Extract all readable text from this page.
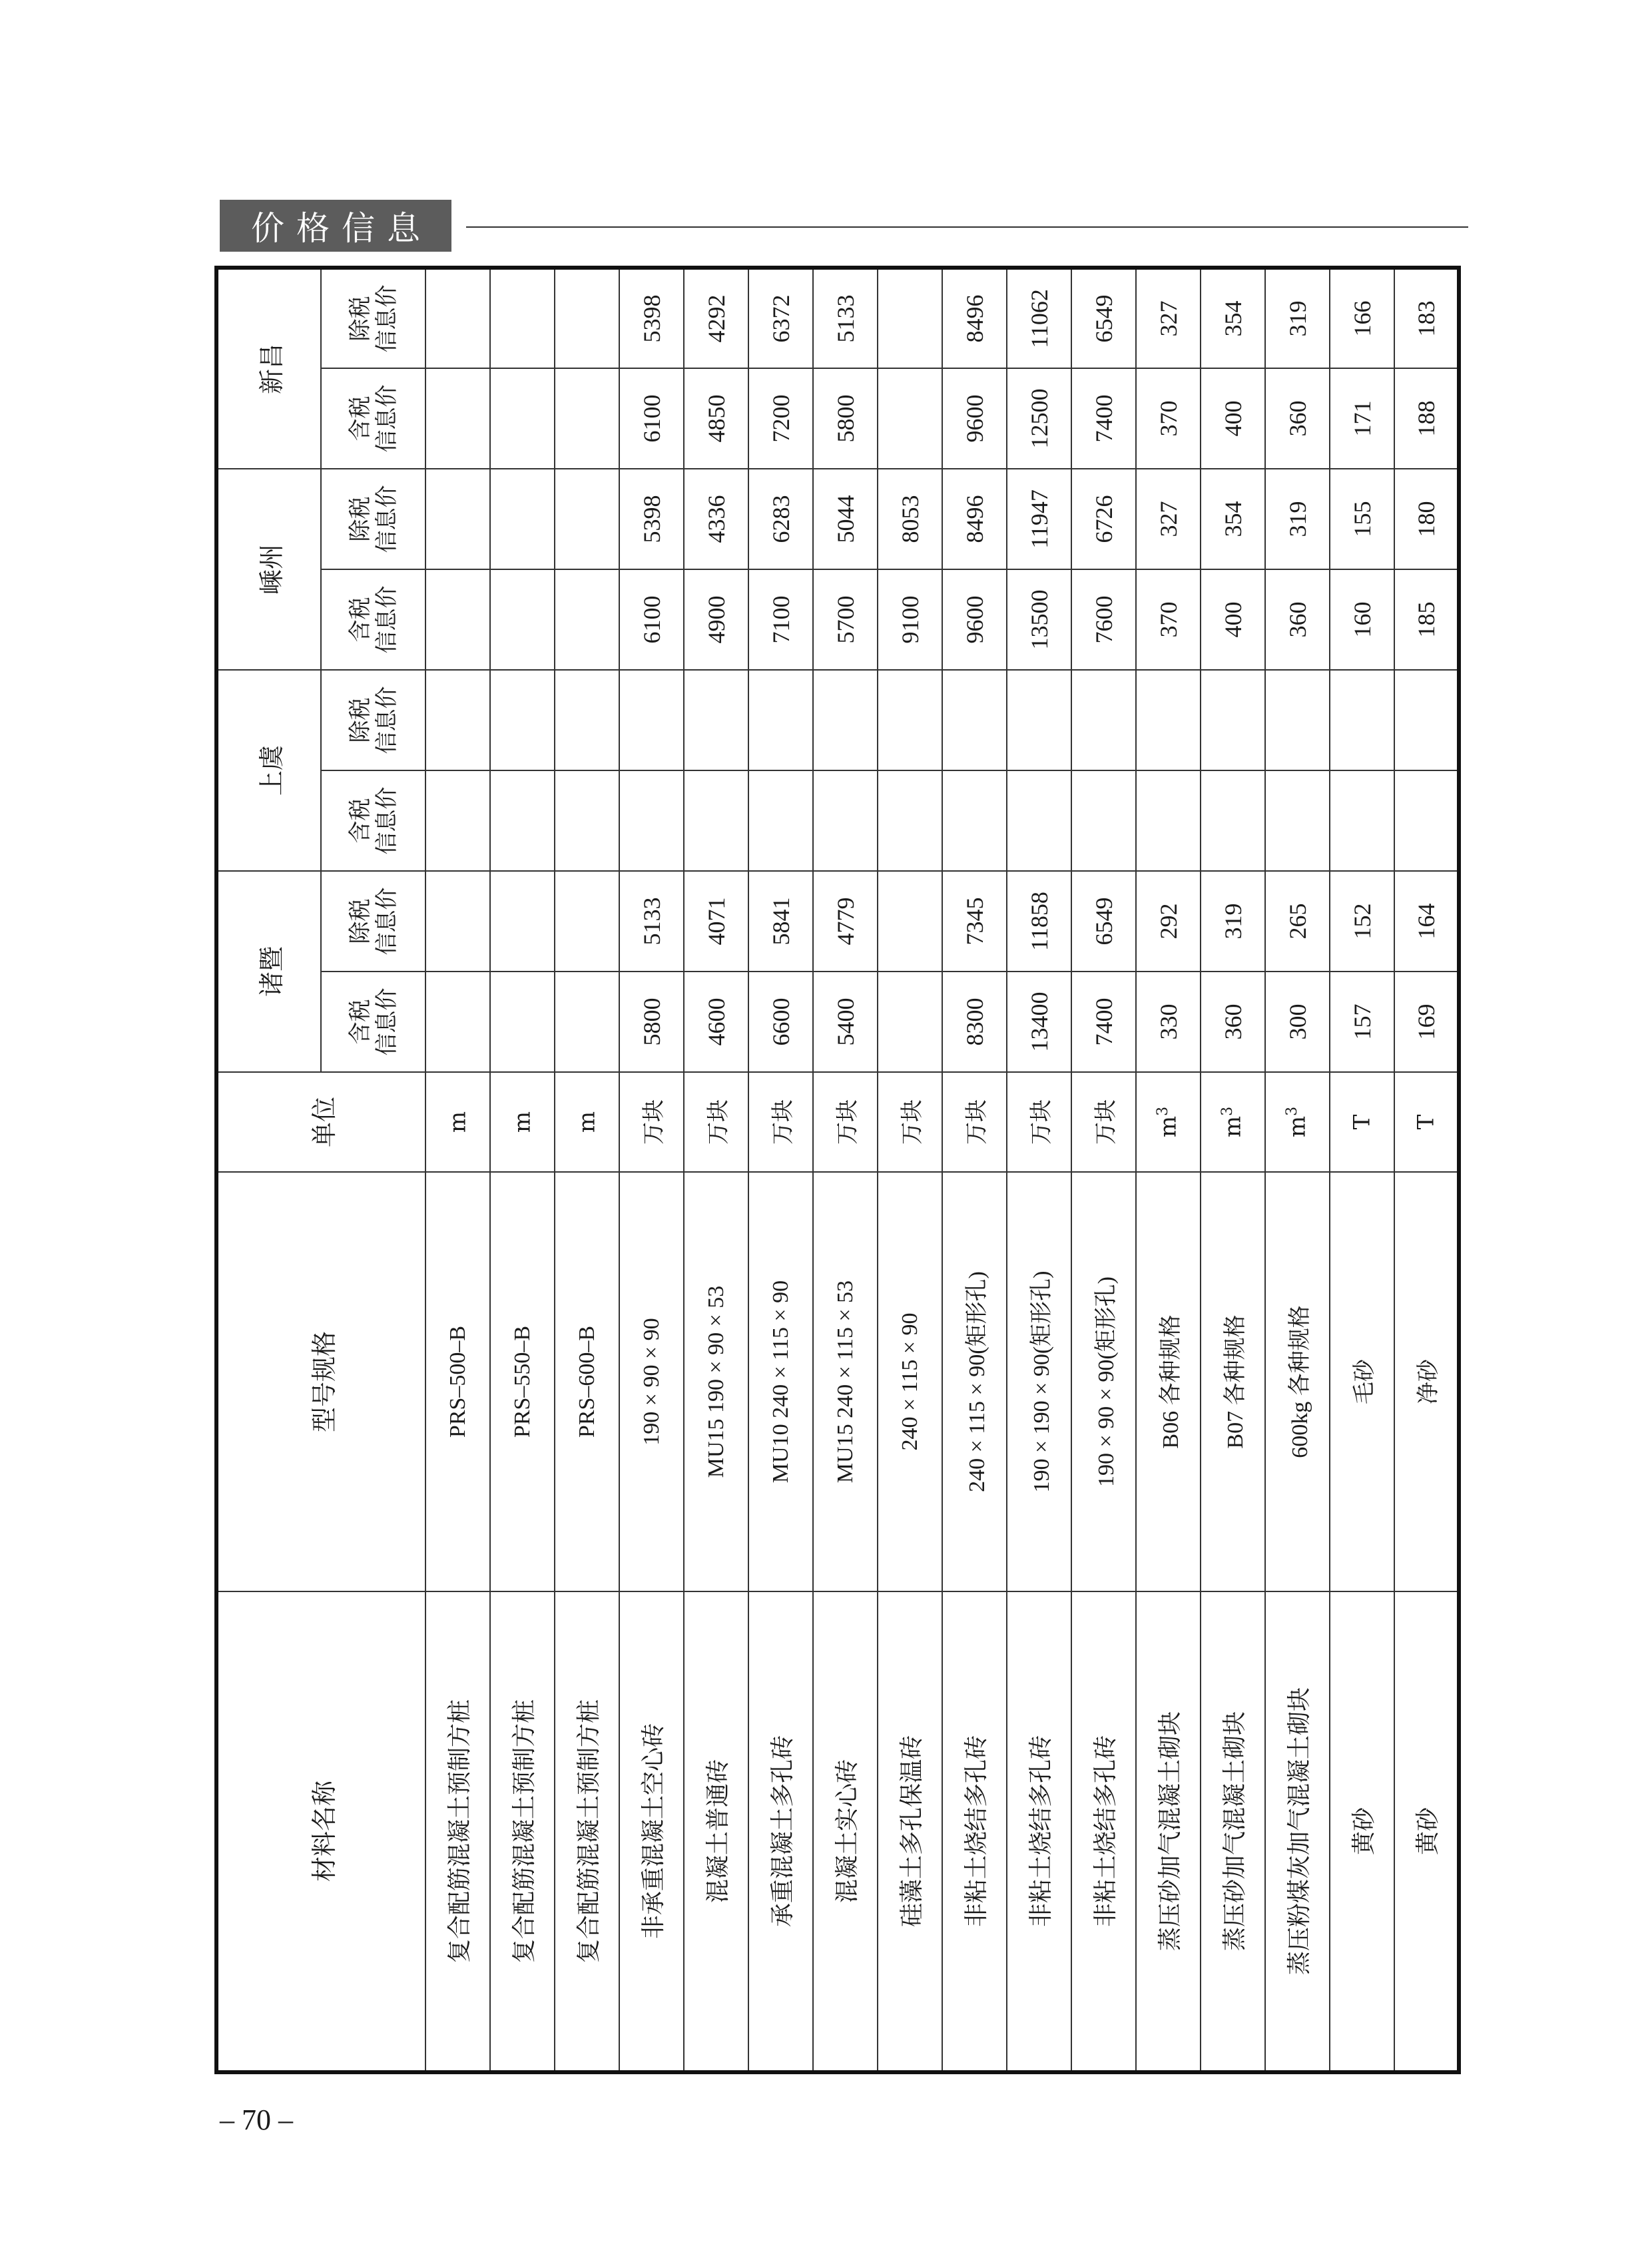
价格信息
材料名称	型号规格	单位	诸暨		上虞		嵊州		新昌	

			含税 信息价	除税 信息价	含税 信息价	除税 信息价	含税 信息价	除税 信息价	含税 信息价	除税 信息价

复合配筋混凝土预制方桩	PRS–500–B	m								
复合配筋混凝土预制方桩	PRS–550–B	m								
复合配筋混凝土预制方桩	PRS–600–B	m								
非承重混凝土空心砖	190 × 90 × 90	万块	5800	5133			6100	5398	6100	5398
混凝土普通砖	MU15 190 × 90 × 53	万块	4600	4071			4900	4336	4850	4292
承重混凝土多孔砖	MU10 240 × 115 × 90	万块	6600	5841			7100	6283	7200	6372
混凝土实心砖	MU15 240 × 115 × 53	万块	5400	4779			5700	5044	5800	5133
硅藻土多孔保温砖	240 × 115 × 90	万块					9100	8053		
非粘土烧结多孔砖	240 × 115 × 90(矩形孔)	万块	8300	7345			9600	8496	9600	8496
非粘土烧结多孔砖	190 × 190 × 90(矩形孔)	万块	13400	11858			13500	11947	12500	11062
非粘土烧结多孔砖	190 × 90 × 90(矩形孔)	万块	7400	6549			7600	6726	7400	6549
蒸压砂加气混凝土砌块	B06 各种规格	$m^3$	330	292			370	327	370	327
蒸压砂加气混凝土砌块	B07 各种规格	$m^3$	360	319			400	354	400	354
蒸压粉煤灰加气混凝土砌块	600kg 各种规格	$m^3$	300	265			360	319	360	319
黄砂	毛砂	T	157	152			160	155	171	166
黄砂	净砂	T	169	164			185	180	188	183
– 70 –
